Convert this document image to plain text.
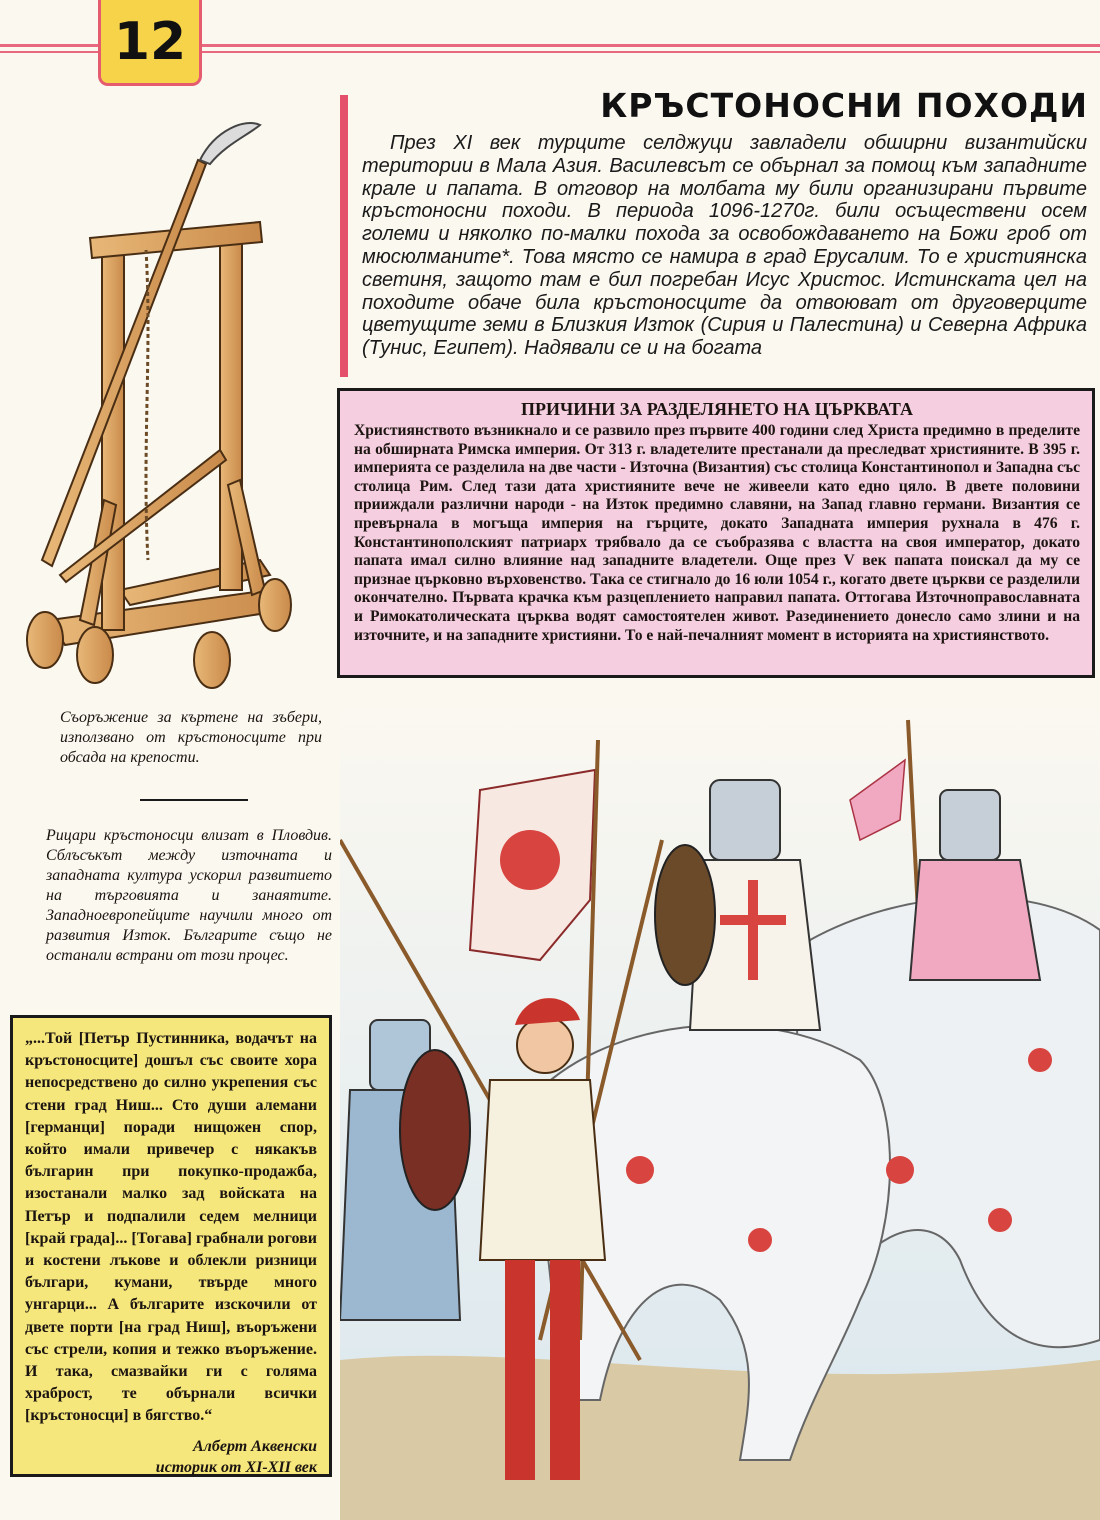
12
КРЪСТОНОСНИ ПОХОДИ

През XI век турците селджуци завладели обширни византийски територии в Мала Азия. Василевсът се обърнал за помощ към западните крале и папата. В отговор на молбата му били организирани първите кръстоносни походи. В периода 1096-1270г. били осъществени осем големи и няколко по-малки похода за освобождаването на Божи гроб от мюсюлманите*. Това място се намира в град Ерусалим. То е християнска светиня, защото там е бил погребан Исус Христос. Истинската цел на походите обаче била кръстоносците да отвоюват от друговерците цветущите земи в Близкия Изток (Сирия и Палестина) и Северна Африка (Тунис, Египет). Надявали се и на богата

ПРИЧИНИ ЗА РАЗДЕЛЯНЕТО НА ЦЪРКВАТА

Християнството възникнало и се развило през първите 400 години след Христа предимно в пределите на обширната Римска империя. От 313 г. владетелите престанали да преследват християните. В 395 г. империята се разделила на две части - Източна (Византия) със столица Константинопол и Западна със столица Рим. След тази дата християните вече не живеели като едно цяло. В двете половини прииждали различни народи - на Изток предимно славяни, на Запад главно германи. Византия се превърнала в могъща империя на гърците, докато Западната империя рухнала в 476 г. Константинополският патриарх трябвало да се съобразява с властта на своя император, докато папата имал силно влияние над западните владетели. Още през V век папата поискал да му се признае църковно върховенство. Така се стигнало до 16 юли 1054 г., когато двете църкви се разделили окончателно. Първата крачка към разцеплението направил папата. Оттогава Източноправославната и Римокатолическата църква водят самостоятелен живот. Разединението донесло само злини и на източните, и на западните християни. То е най-печалният момент в историята на християнството.

Съоръжение за къртене на зъбери, използвано от кръстоносците при обсада на крепости.

Рицари кръстоносци влизат в Пловдив. Сблъсъкът между източната и западната култура ускорил развитието на търговията и занаятите. Западноевропейците научили много от развития Изток. Българите също не останали встрани от този процес.

„...Той [Петър Пустинника, водачът на кръстоносците] дошъл със своите хора непосредствено до силно укрепения със стени град Ниш... Сто души алемани [германци] поради нищожен спор, който имали привечер с някакъв българин при покупко-продажба, изостанали малко зад войската на Петър и подпалили седем мелници [край града]... [Тогава] грабнали рогови и костени лъкове и облекли ризници българи, кумани, твърде много унгарци... А българите изскочили от двете порти [на град Ниш], въоръжени със стрели, копия и тежко въоръжение. И така, смазвайки ги с голяма храброст, те обърнали всички [кръстоносци] в бягство.“

Алберт Аквенски

историк от XI-XII век
